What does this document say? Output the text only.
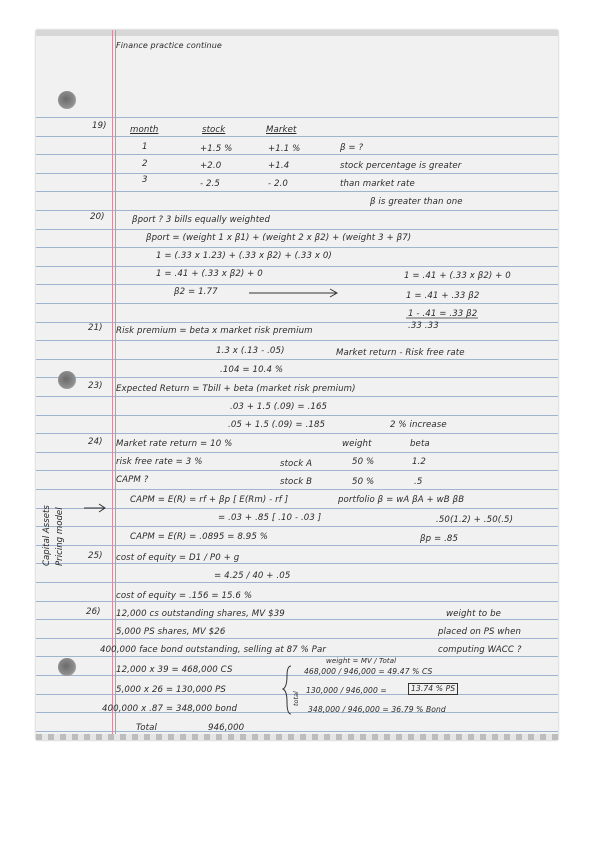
Finance practice continue
19)	month	stock	Market
1	+1.5 %	+1.1 %
2	+2.0	+1.4
3	- 2.5	- 2.0
β = ?
stock percentage is greater
than market rate
β is greater than one
20)	βport ? 3 bills equally weighted
βport = (weight 1 x β1) + (weight 2 x β2) + (weight 3 + β7)
1 = (.33 x 1.23) + (.33 x β2) + (.33 x 0)
1 = .41 + (.33 x β2) + 0
β2 = 1.77
1 = .41 + (.33 x β2) + 0
1 = .41 + .33 β2
1 - .41 = .33 β2
.33 .33
21) Risk premium = beta x market risk premium
1.3 x (.13 - .05)	Market return - Risk free rate
.104 = 10.4 %
23) Expected Return = Tbill + beta (market risk premium)
.03 + 1.5 (.09) = .165
.05 + 1.5 (.09) = .185	2 % increase
Capital Assets Pricing model
24) Market rate return = 10 %	weight	beta
risk free rate = 3 %	stock A	50 %	1.2
CAPM ?	stock B	50 %	.5
CAPM = E(R) = rf + βp [ E(Rm) - rf ]
= .03 + .85 [ .10 - .03 ]
CAPM = E(R) = .0895 = 8.95 %
portfolio β = wA βA + wB βB
.50(1.2) + .50(.5)
βp = .85
25) cost of equity = D1 / P0 + g
= 4.25 / 40 + .05
cost of equity = .156 = 15.6 %
26) 12,000 cs outstanding shares, MV $39
5,000 PS shares, MV $26
400,000 face bond outstanding, selling at 87 % Par
weight to be
placed on PS when
computing WACC ?
12,000 x 39 = 468,000 CS
5,000 x 26 = 130,000 PS
400,000 x .87 = 348,000 bond
Total	946,000
total
weight = MV / Total
468,000 / 946,000 = 49.47 % CS
130,000 / 946,000 =	13.74 % PS
348,000 / 946,000 = 36.79 % Bond
